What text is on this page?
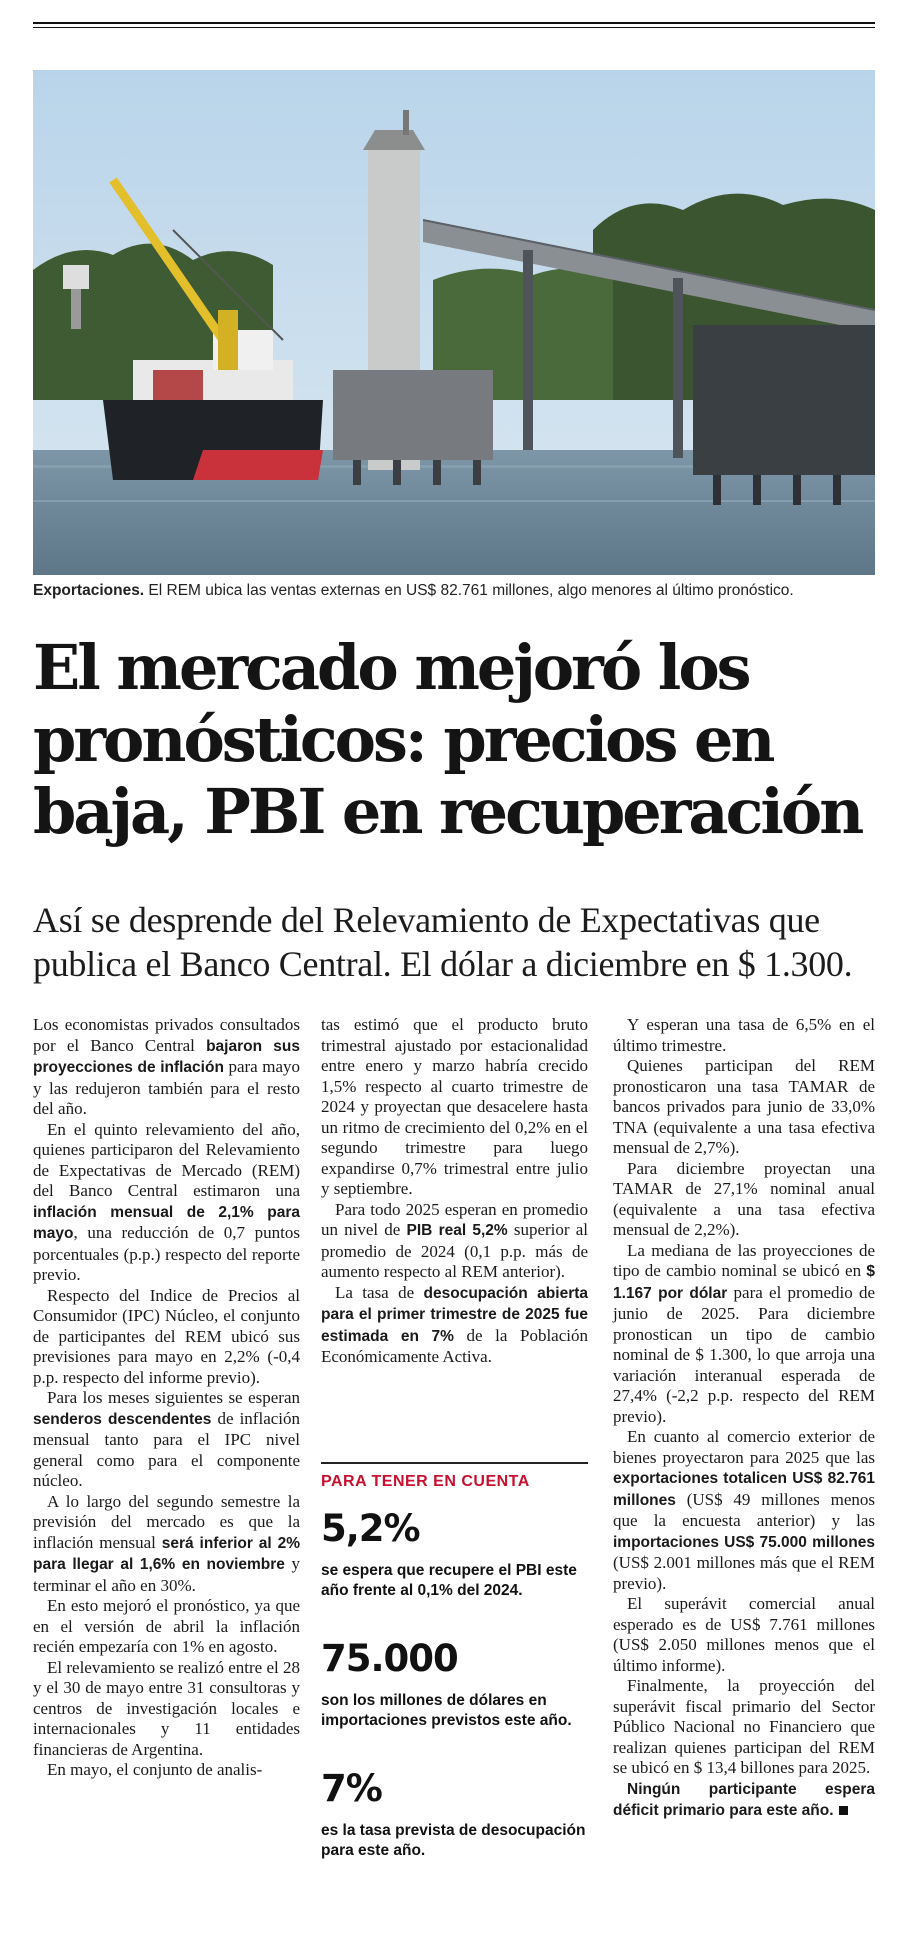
Exportaciones. El REM ubica las ventas externas en US$ 82.761 millones, algo menores al último pronóstico.
El mercado mejoró los pronósticos: precios en baja, PBI en recuperación

Así se desprende del Relevamiento de Expectativas que publica el Banco Central. El dólar a diciembre en $ 1.300.

Los economistas privados consultados por el Banco Central bajaron sus proyecciones de inflación para mayo y las redujeron también para el resto del año.

En el quinto relevamiento del año, quienes participaron del Relevamiento de Expectativas de Mercado (REM) del Banco Central estimaron una inflación mensual de 2,1% para mayo, una reducción de 0,7 puntos porcentuales (p.p.) respecto del reporte previo.

Respecto del Indice de Precios al Consumidor (IPC) Núcleo, el conjunto de participantes del REM ubicó sus previsiones para mayo en 2,2% (-0,4 p.p. respecto del informe previo).

Para los meses siguientes se esperan senderos descendentes de inflación mensual tanto para el IPC nivel general como para el componente núcleo.

A lo largo del segundo semestre la previsión del mercado es que la inflación mensual será inferior al 2% para llegar al 1,6% en noviembre y terminar el año en 30%.

En esto mejoró el pronóstico, ya que en el versión de abril la inflación recién empezaría con 1% en agosto.

El relevamiento se realizó entre el 28 y el 30 de mayo entre 31 consultoras y centros de investigación locales e internacionales y 11 entidades financieras de Argentina.

En mayo, el conjunto de analis-

tas estimó que el producto bruto trimestral ajustado por estacionalidad entre enero y marzo habría crecido 1,5% respecto al cuarto trimestre de 2024 y proyectan que desacelere hasta un ritmo de crecimiento del 0,2% en el segundo trimestre para luego expandirse 0,7% trimestral entre julio y septiembre.

Para todo 2025 esperan en promedio un nivel de PIB real 5,2% superior al promedio de 2024 (0,1 p.p. más de aumento respecto al REM anterior).

La tasa de desocupación abierta para el primer trimestre de 2025 fue estimada en 7% de la Población Económicamente Activa.

PARA TENER EN CUENTA
5,2%
se espera que recupere el PBI este año frente al 0,1% del 2024.
75.000
son los millones de dólares en importaciones previstos este año.
7%
es la tasa prevista de desocupación para este año.

Y esperan una tasa de 6,5% en el último trimestre.

Quienes participan del REM pronosticaron una tasa TAMAR de bancos privados para junio de 33,0% TNA (equivalente a una tasa efectiva mensual de 2,7%).

Para diciembre proyectan una TAMAR de 27,1% nominal anual (equivalente a una tasa efectiva mensual de 2,2%).

La mediana de las proyecciones de tipo de cambio nominal se ubicó en $ 1.167 por dólar para el promedio de junio de 2025. Para diciembre pronostican un tipo de cambio nominal de $ 1.300, lo que arroja una variación interanual esperada de 27,4% (-2,2 p.p. respecto del REM previo).

En cuanto al comercio exterior de bienes proyectaron para 2025 que las exportaciones totalicen US$ 82.761 millones (US$ 49 millones menos que la encuesta anterior) y las importaciones US$ 75.000 millones (US$ 2.001 millones más que el REM previo).

El superávit comercial anual esperado es de US$ 7.761 millones (US$ 2.050 millones menos que el último informe).

Finalmente, la proyección del superávit fiscal primario del Sector Público Nacional no Financiero que realizan quienes participan del REM se ubicó en $ 13,4 billones para 2025.

Ningún participante espera déficit primario para este año.
